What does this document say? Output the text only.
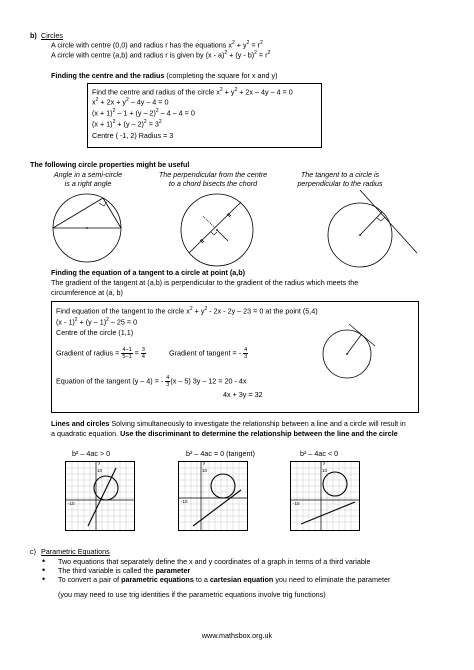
b) Circles
A circle with centre (0,0) and radius r has the equations $x^2 + y^2 = r^2$
A circle with centre (a,b) and radius r is given by $(x - a)^2 + (y - b)^2 = r^2$
Finding the centre and the radius (completing the square for x and y)
Find the centre and radius of the circle $x^2 + y^2 + 2x - 4y - 4 = 0$
$x^2 + 2x + y^2 - 4y - 4 = 0$
$(x + 1)^2 - 1 + (y - 2)^2 - 4 - 4 = 0$
$(x + 1)^2 + (y - 2)^2 = 3^2$
Centre ( -1, 2) Radius = 3
The following circle properties might be useful
Angle in a semi-circle
is a right angle
The perpendicular from the centre
to a chord bisects the chord
The tangent to a circle is
perpendicular to the radius
Finding the equation of a tangent to a circle at point (a,b)
The gradient of the tangent at (a,b) is perpendicular to the gradient of the radius which meets the
circumference at (a, b)
Find equation of the tangent to the circle $x^2 + y^2 - 2x - 2y - 23 = 0$ at the point (5,4)
(x - 1)$^2$ + (y – 1)$^2$ – 25 = 0
Centre of the circle (1,1)
Gradient of radius = $\frac{4-1}{5-1} = \frac{3}{4}$	Gradient of tangent = - $\frac{4}{3}$
Equation of the tangent (y – 4) = - $\frac{4}{3} (x - 5)$ 3y – 12 = 20 - 4x
4x + 3y = 32
Lines and circles Solving simultaneously to investigate the relationship between a line and a circle will result in
a quadratic equation. Use the discriminant to determine the relationship between the line and the circle
b² – 4ac > 0	b² – 4ac = 0 (tangent)	b² – 4ac < 0
y
10
-10
y
10
-10
y
10
-10
c) Parametric Equations
• Two equations that separately define the x and y coordinates of a graph in terms of a third variable
• The third variable is called the parameter
• To convert a pair of parametric equations to a cartesian equation you need to eliminate the parameter
(you may need to use trig identities if the parametric equations involve trig functions)
www.mathsbox.org.uk
